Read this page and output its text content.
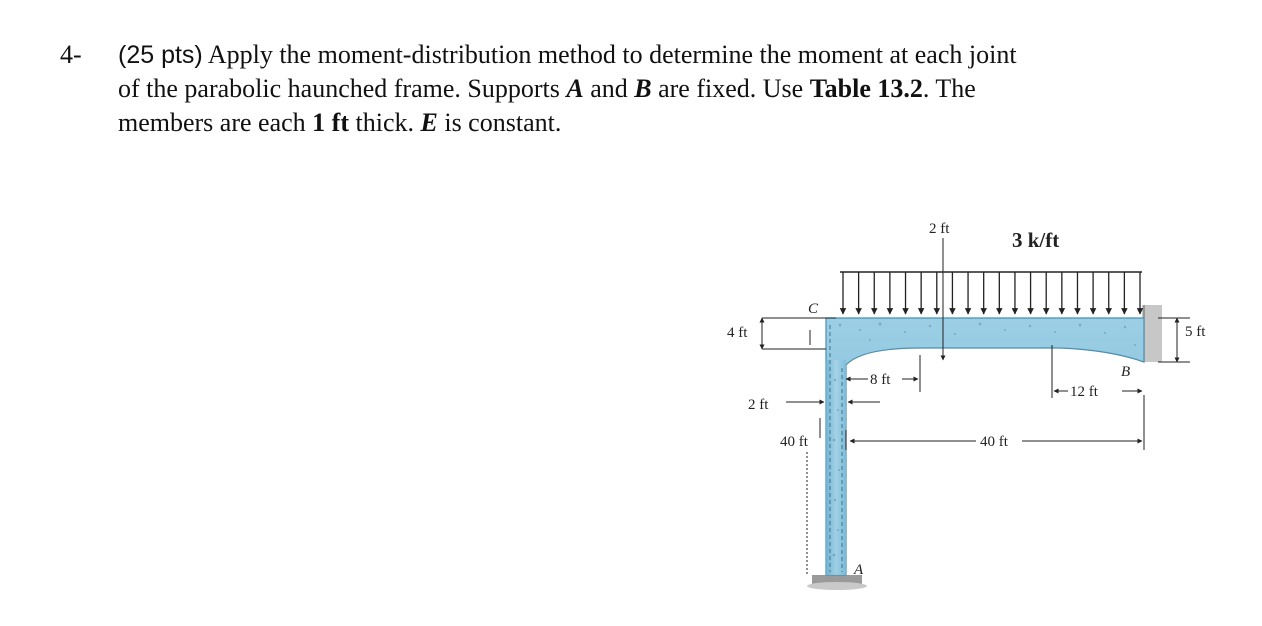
4- (25 pts) Apply the moment-distribution method to determine the moment at each joint
of the parabolic haunched frame. Supports A and B are fixed. Use Table 13.2. The
members are each 1 ft thick. E is constant.
2 ft	3 k/ft
4 ft
C
5 ft
B
8 ft
12 ft
2 ft
40 ft	40 ft
A
